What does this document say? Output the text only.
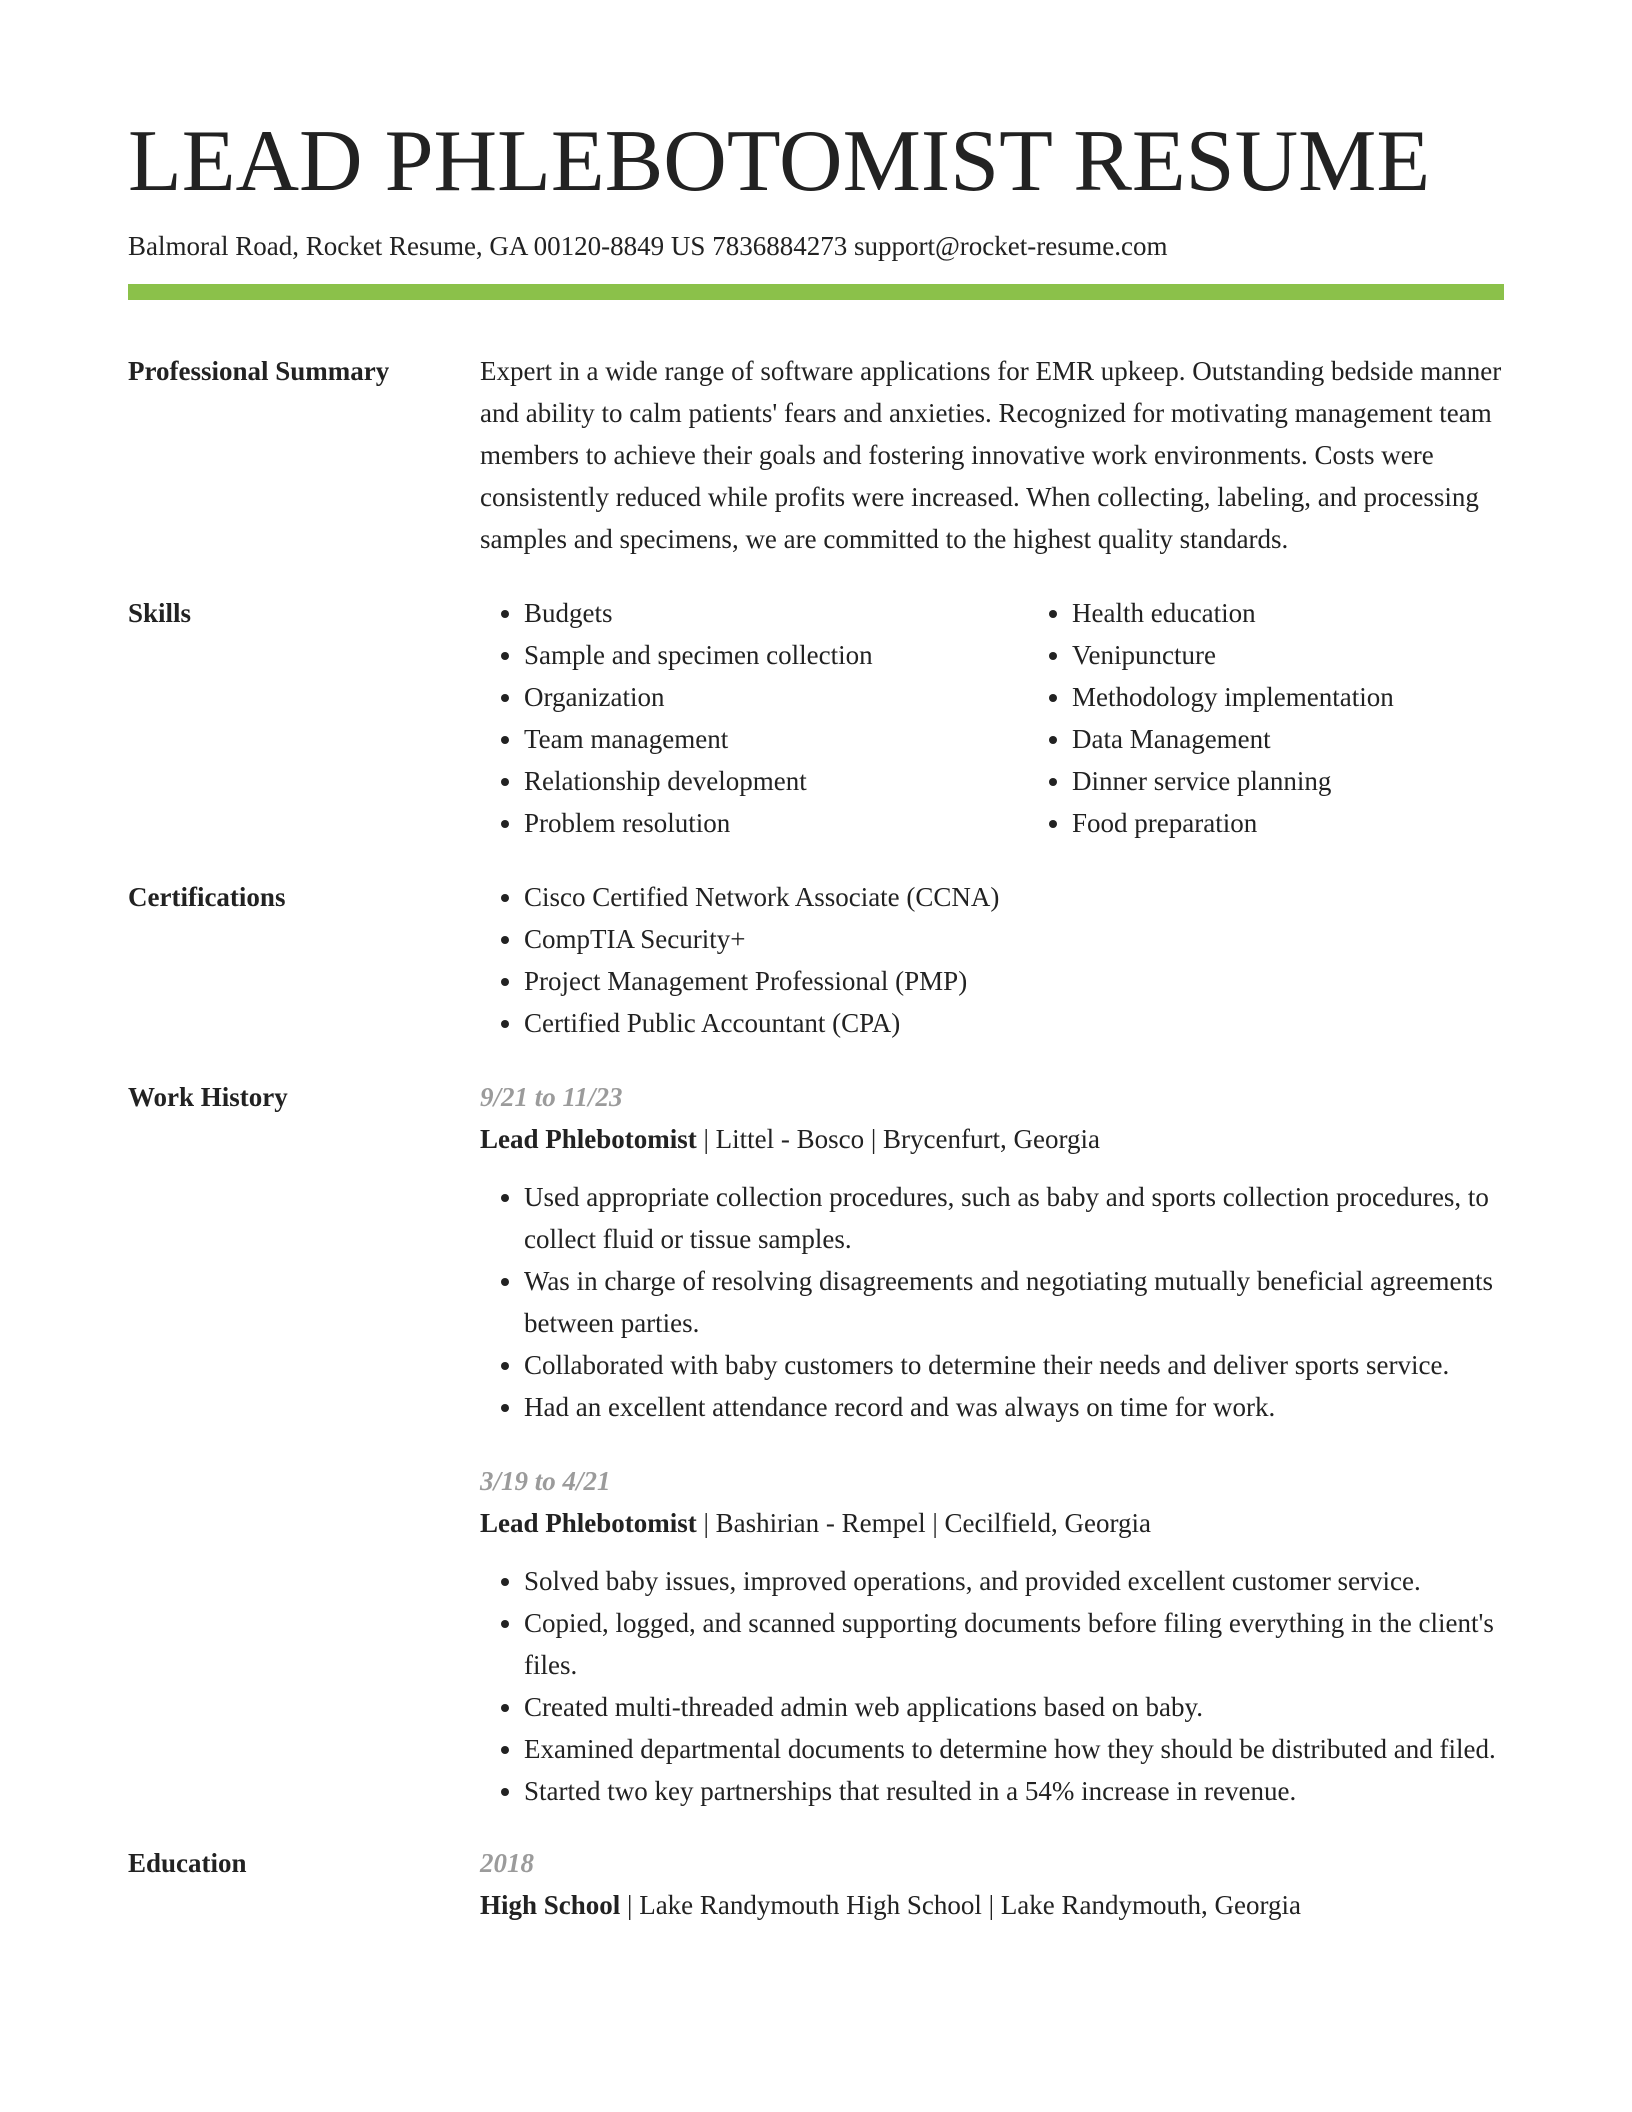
LEAD PHLEBOTOMIST RESUME
Balmoral Road, Rocket Resume, GA 00120-8849 US 7836884273 support@rocket-resume.com
Professional Summary	Expert in a wide range of software applications for EMR upkeep. Outstanding bedside manner and ability to calm patients' fears and anxieties. Recognized for motivating management team members to achieve their goals and fostering innovative work environments. Costs were consistently reduced while profits were increased. When collecting, labeling, and processing samples and specimens, we are committed to the highest quality standards.
Skills	• Budgets
• Sample and specimen collection
• Organization
• Team management
• Relationship development
• Problem resolution
• Health education
• Venipuncture
• Methodology implementation
• Data Management
• Dinner service planning
• Food preparation
Certifications	• Cisco Certified Network Associate (CCNA)
• CompTIA Security+
• Project Management Professional (PMP)
• Certified Public Accountant (CPA)
Work History	9/21 to 11/23
Lead Phlebotomist | Littel - Bosco | Brycenfurt, Georgia
• Used appropriate collection procedures, such as baby and sports collection procedures, to collect fluid or tissue samples.
• Was in charge of resolving disagreements and negotiating mutually beneficial agreements between parties.
• Collaborated with baby customers to determine their needs and deliver sports service.
• Had an excellent attendance record and was always on time for work.
3/19 to 4/21
Lead Phlebotomist | Bashirian - Rempel | Cecilfield, Georgia
• Solved baby issues, improved operations, and provided excellent customer service.
• Copied, logged, and scanned supporting documents before filing everything in the client's files.
• Created multi-threaded admin web applications based on baby.
• Examined departmental documents to determine how they should be distributed and filed.
• Started two key partnerships that resulted in a 54% increase in revenue.
Education	2018
High School | Lake Randymouth High School | Lake Randymouth, Georgia
